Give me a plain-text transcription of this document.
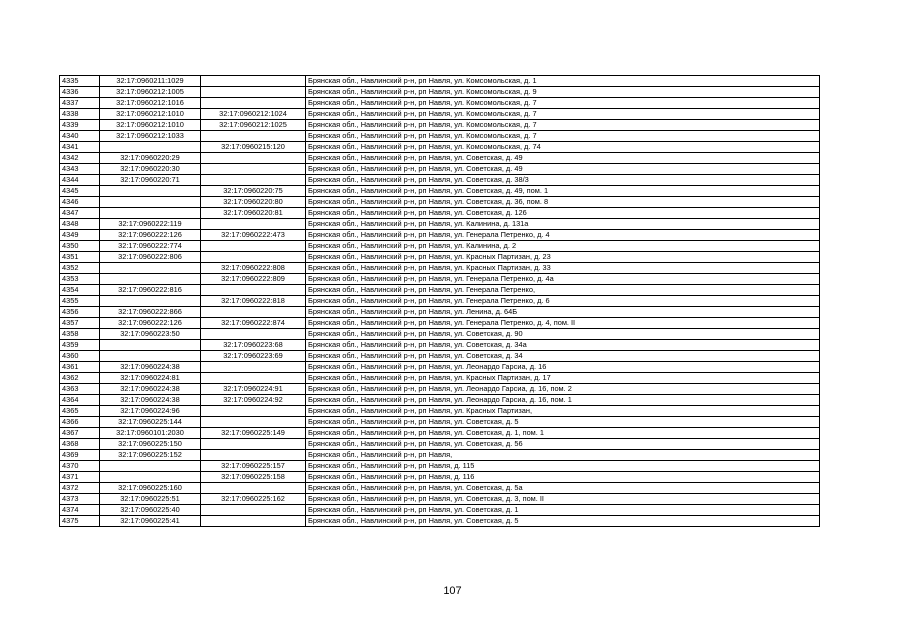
4335	32:17:0960211:1029		Брянская обл., Навлинский р-н, рп Навля, ул. Комсомольская, д. 1
4336	32:17:0960212:1005		Брянская обл., Навлинский р-н, рп Навля, ул. Комсомольская, д. 9
4337	32:17:0960212:1016		Брянская обл., Навлинский р-н, рп Навля, ул. Комсомольская, д. 7
4338	32:17:0960212:1010	32:17:0960212:1024	Брянская обл., Навлинский р-н, рп Навля, ул. Комсомольская, д. 7
4339	32:17:0960212:1010	32:17:0960212:1025	Брянская обл., Навлинский р-н, рп Навля, ул. Комсомольская, д. 7
4340	32:17:0960212:1033		Брянская обл., Навлинский р-н, рп Навля, ул. Комсомольская, д. 7
4341		32:17:0960215:120	Брянская обл., Навлинский р-н, рп Навля, ул. Комсомольская, д. 74
4342	32:17:0960220:29		Брянская обл., Навлинский р-н, рп Навля, ул. Советская, д. 49
4343	32:17:0960220:30		Брянская обл., Навлинский р-н, рп Навля, ул. Советская, д. 49
4344	32:17:0960220:71		Брянская обл., Навлинский р-н, рп Навля, ул. Советская, д. 38/3
4345		32:17:0960220:75	Брянская обл., Навлинский р-н, рп Навля, ул. Советская, д. 49, пом. 1
4346		32:17:0960220:80	Брянская обл., Навлинский р-н, рп Навля, ул. Советская, д. 36, пом. 8
4347		32:17:0960220:81	Брянская обл., Навлинский р-н, рп Навля, ул. Советская, д. 126
4348	32:17:0960222:119		Брянская обл., Навлинский р-н, рп Навля, ул. Калинина, д. 131а
4349	32:17:0960222:126	32:17:0960222:473	Брянская обл., Навлинский р-н, рп Навля, ул. Генерала Петренко, д. 4
4350	32:17:0960222:774		Брянская обл., Навлинский р-н, рп Навля, ул. Калинина, д. 2
4351	32:17:0960222:806		Брянская обл., Навлинский р-н, рп Навля, ул. Красных Партизан, д. 23
4352		32:17:0960222:808	Брянская обл., Навлинский р-н, рп Навля, ул. Красных Партизан, д. 33
4353		32:17:0960222:809	Брянская обл., Навлинский р-н, рп Навля, ул. Генерала Петренко, д. 4а
4354	32:17:0960222:816		Брянская обл., Навлинский р-н, рп Навля, ул. Генерала Петренко,
4355		32:17:0960222:818	Брянская обл., Навлинский р-н, рп Навля, ул. Генерала Петренко, д. 6
4356	32:17:0960222:866		Брянская обл., Навлинский р-н, рп Навля, ул. Ленина, д. 64Б
4357	32:17:0960222:126	32:17:0960222:874	Брянская обл., Навлинский р-н, рп Навля, ул. Генерала Петренко, д. 4, пом. II
4358	32:17:0960223:50		Брянская обл., Навлинский р-н, рп Навля, ул. Советская, д. 90
4359		32:17:0960223:68	Брянская обл., Навлинский р-н, рп Навля, ул. Советская, д. 34а
4360		32:17:0960223:69	Брянская обл., Навлинский р-н, рп Навля, ул. Советская, д. 34
4361	32:17:0960224:38		Брянская обл., Навлинский р-н, рп Навля, ул. Леонардо Гарсиа, д. 16
4362	32:17:0960224:81		Брянская обл., Навлинский р-н, рп Навля, ул. Красных Партизан, д. 17
4363	32:17:0960224:38	32:17:0960224:91	Брянская обл., Навлинский р-н, рп Навля, ул. Леонардо Гарсиа, д. 16, пом. 2
4364	32:17:0960224:38	32:17:0960224:92	Брянская обл., Навлинский р-н, рп Навля, ул. Леонардо Гарсиа, д. 16, пом. 1
4365	32:17:0960224:96		Брянская обл., Навлинский р-н, рп Навля, ул. Красных Партизан,
4366	32:17:0960225:144		Брянская обл., Навлинский р-н, рп Навля, ул. Советская, д. 5
4367	32:17:0960101:2030	32:17:0960225:149	Брянская обл., Навлинский р-н, рп Навля, ул. Советская, д. 1, пом. 1
4368	32:17:0960225:150		Брянская обл., Навлинский р-н, рп Навля, ул. Советская, д. 56
4369	32:17:0960225:152		Брянская обл., Навлинский р-н, рп Навля,
4370		32:17:0960225:157	Брянская обл., Навлинский р-н, рп Навля, д. 115
4371		32:17:0960225:158	Брянская обл., Навлинский р-н, рп Навля, д. 116
4372	32:17:0960225:160		Брянская обл., Навлинский р-н, рп Навля, ул. Советская, д. 5а
4373	32:17:0960225:51	32:17:0960225:162	Брянская обл., Навлинский р-н, рп Навля, ул. Советская, д. 3, пом. II
4374	32:17:0960225:40		Брянская обл., Навлинский р-н, рп Навля, ул. Советская, д. 1
4375	32:17:0960225:41		Брянская обл., Навлинский р-н, рп Навля, ул. Советская, д. 5
107
